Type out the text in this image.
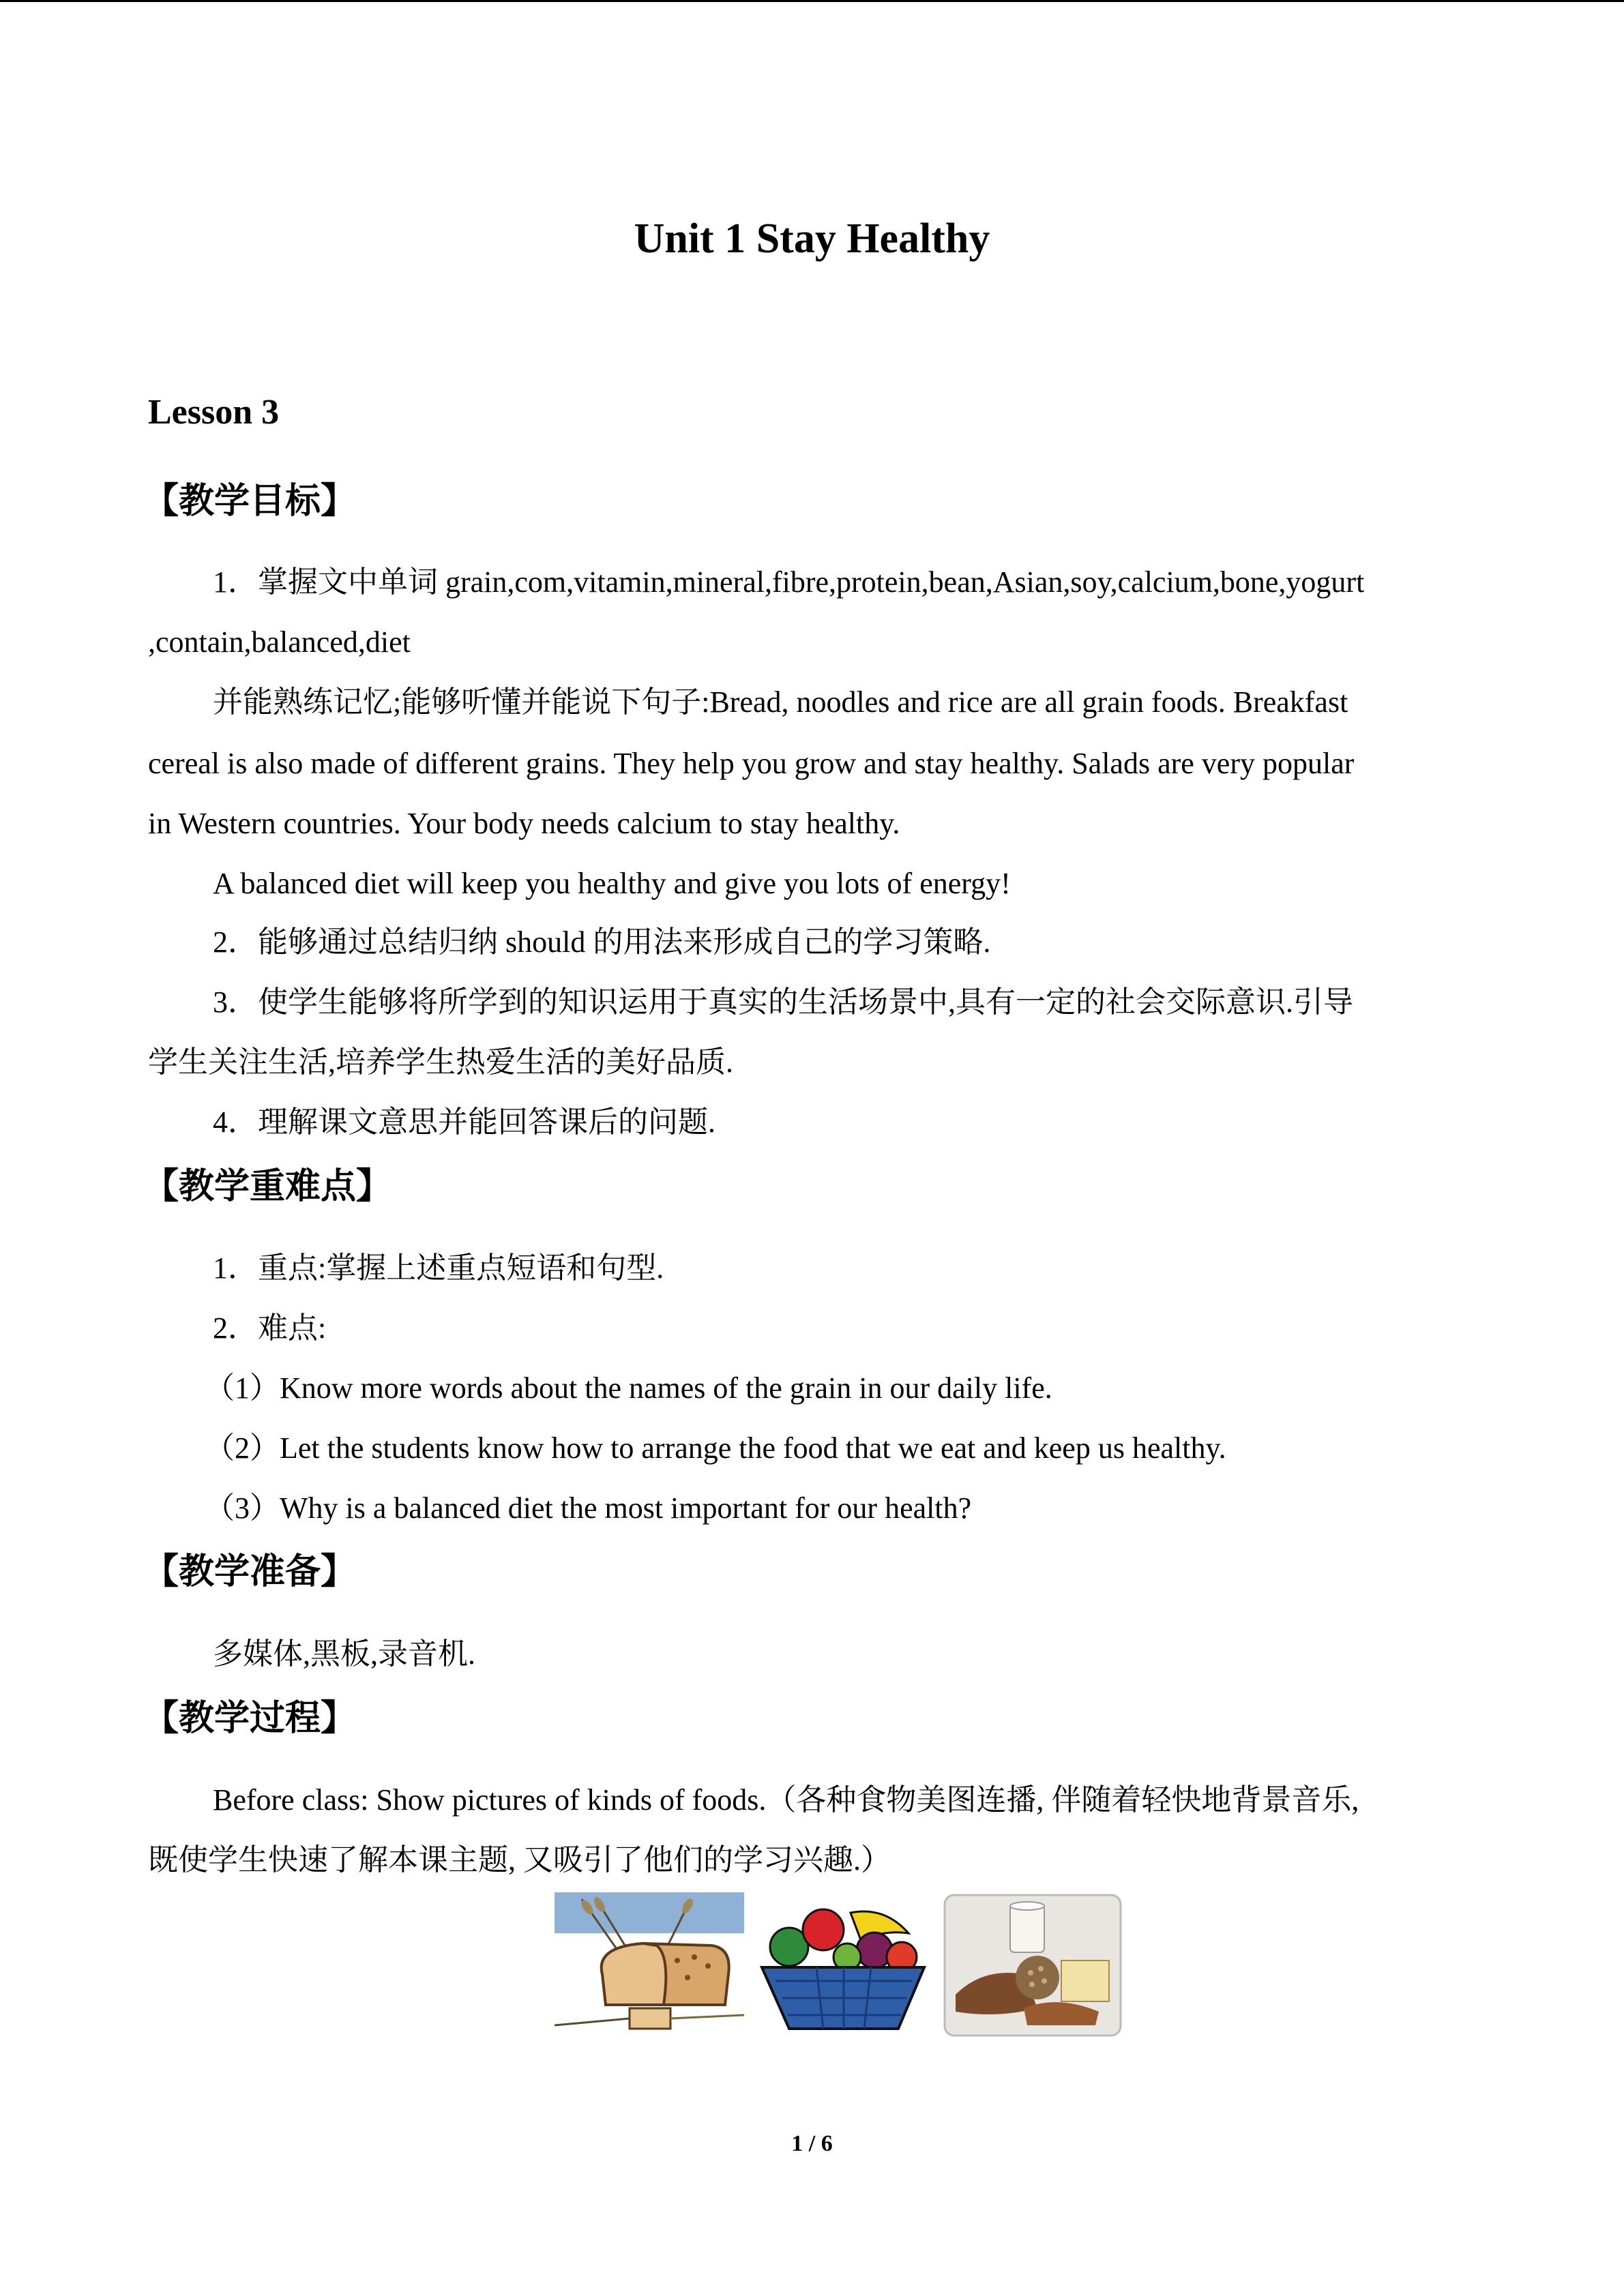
Unit 1 Stay Healthy
Lesson 3
【教学目标】
1．掌握文中单词 grain,com,vitamin,mineral,fibre,protein,bean,Asian,soy,calcium,bone,yogurt
,contain,balanced,diet
并能熟练记忆;能够听懂并能说下句子:Bread, noodles and rice are all grain foods. Breakfast
cereal is also made of different grains. They help you grow and stay healthy. Salads are very popular
in Western countries. Your body needs calcium to stay healthy.
A balanced diet will keep you healthy and give you lots of energy!
2．能够通过总结归纳 should 的用法来形成自己的学习策略.
3．使学生能够将所学到的知识运用于真实的生活场景中,具有一定的社会交际意识.引导
学生关注生活,培养学生热爱生活的美好品质.
4．理解课文意思并能回答课后的问题.
【教学重难点】
1．重点:掌握上述重点短语和句型.
2．难点:
（1）Know more words about the names of the grain in our daily life.
（2）Let the students know how to arrange the food that we eat and keep us healthy.
（3）Why is a balanced diet the most important for our health?
【教学准备】
多媒体,黑板,录音机.
【教学过程】
Before class: Show pictures of kinds of foods.（各种食物美图连播, 伴随着轻快地背景音乐,
既使学生快速了解本课主题, 又吸引了他们的学习兴趣.）
1 / 6
